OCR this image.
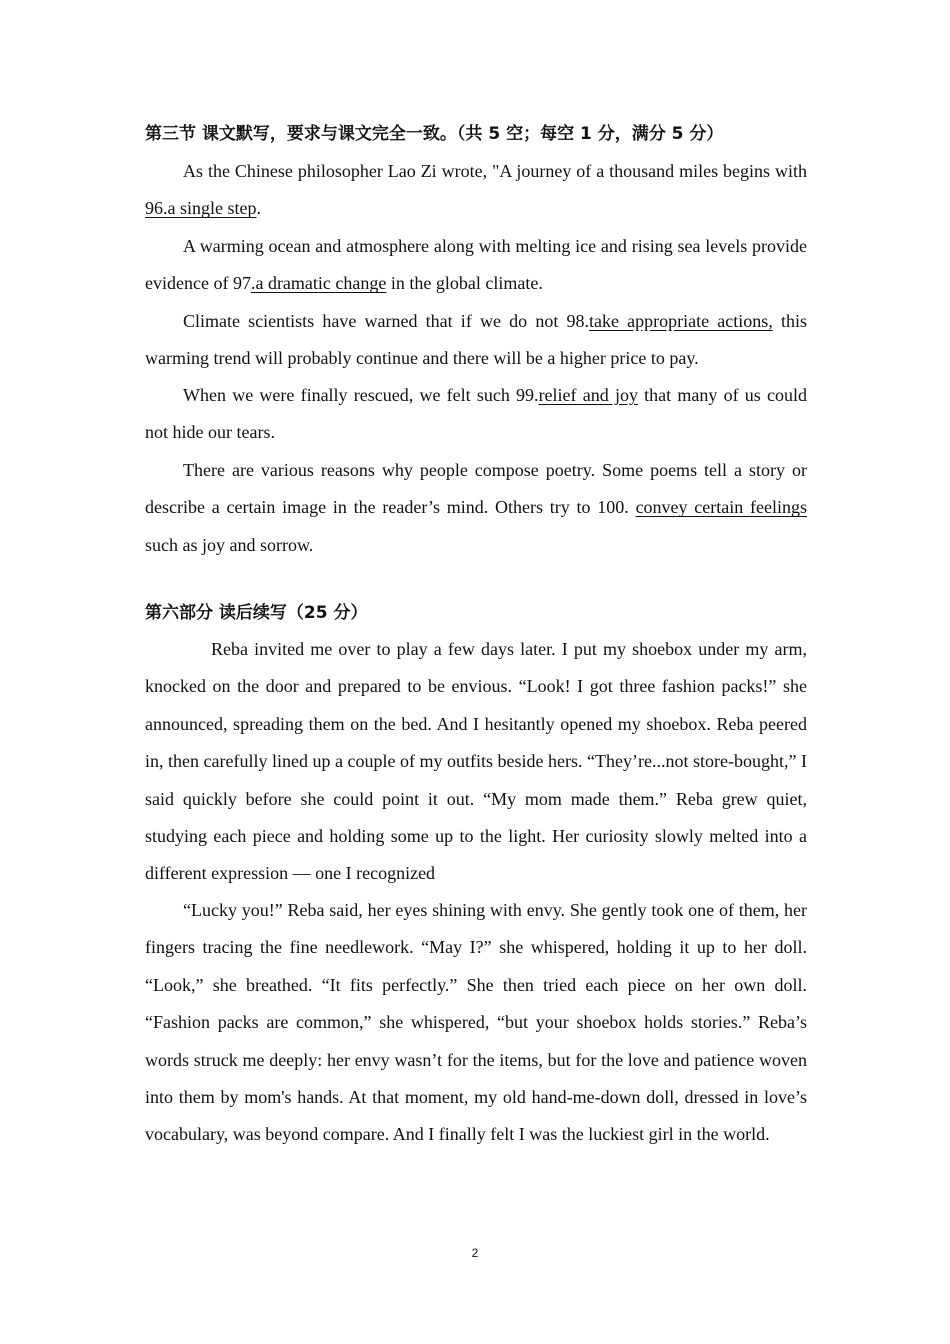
第三节 课文默写，要求与课文完全一致。（共 5 空；每空 1 分，满分 5 分）

As the Chinese philosopher Lao Zi wrote, "A journey of a thousand miles begins with 96.a single step.

A warming ocean and atmosphere along with melting ice and rising sea levels provide evidence of 97.a dramatic change in the global climate.

Climate scientists have warned that if we do not 98.take appropriate actions, this warming trend will probably continue and there will be a higher price to pay.

When we were finally rescued, we felt such 99.relief and joy that many of us could not hide our tears.

There are various reasons why people compose poetry. Some poems tell a story or describe a certain image in the reader’s mind. Others try to 100. convey certain feelings such as joy and sorrow.

第六部分 读后续写（25 分）

Reba invited me over to play a few days later. I put my shoebox under my arm, knocked on the door and prepared to be envious. “Look! I got three fashion packs!” she announced, spreading them on the bed. And I hesitantly opened my shoebox. Reba peered in, then carefully lined up a couple of my outfits beside hers. “They’re...not store-bought,” I said quickly before she could point it out. “My mom made them.” Reba grew quiet, studying each piece and holding some up to the light. Her curiosity slowly melted into a different expression — one I recognized

“Lucky you!” Reba said, her eyes shining with envy. She gently took one of them, her fingers tracing the fine needlework. “May I?” she whispered, holding it up to her doll. “Look,” she breathed. “It fits perfectly.” She then tried each piece on her own doll. “Fashion packs are common,” she whispered, “but your shoebox holds stories.” Reba’s words struck me deeply: her envy wasn’t for the items, but for the love and patience woven into them by mom's hands. At that moment, my old hand-me-down doll, dressed in love’s vocabulary, was beyond compare. And I finally felt I was the luckiest girl in the world.

2
